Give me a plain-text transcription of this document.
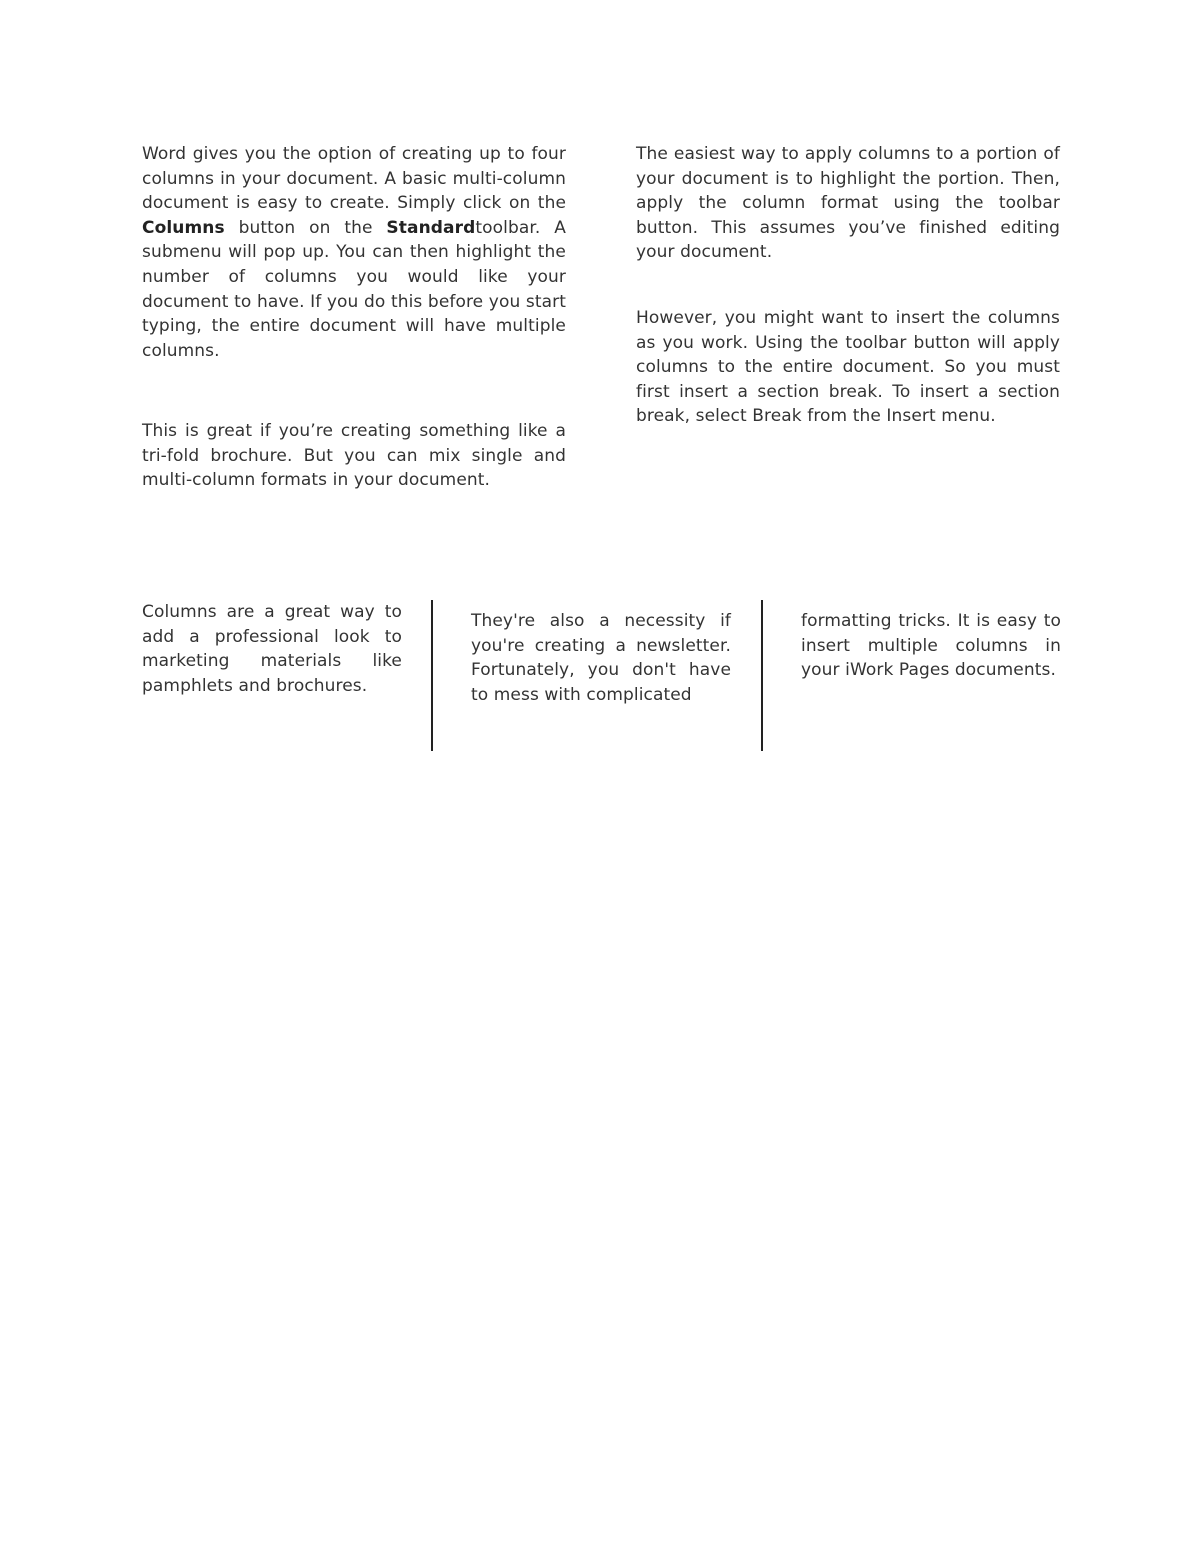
Word gives you the option of creating up to four columns in your document. A basic multi-column document is easy to create. Simply click on the Columns button on the Standardtoolbar. A submenu will pop up. You can then highlight the number of columns you would like your document to have. If you do this before you start typing, the entire document will have multiple columns.

This is great if you’re creating something like a tri-fold brochure. But you can mix single and multi-column formats in your document.

The easiest way to apply columns to a portion of your document is to highlight the portion. Then, apply the column format using the toolbar button. This assumes you’ve finished editing your document.

However, you might want to insert the columns as you work. Using the toolbar button will apply columns to the entire document. So you must first insert a section break. To insert a section break, select Break from the Insert menu.

Columns are a great way to add a professional look to marketing materials like pamphlets and brochures.

They're also a necessity if you're creating a newsletter. Fortunately, you don't have to mess with complicated

formatting tricks. It is easy to insert multiple columns in your iWork Pages documents.
